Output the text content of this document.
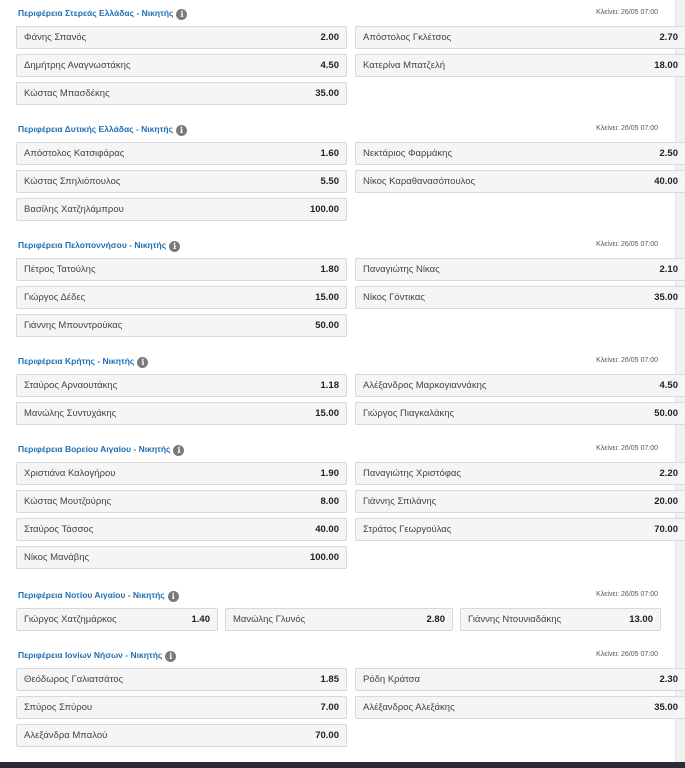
Περιφέρεια Στερεάς Ελλάδας - Νικητής i	Κλείνει: 26/05 07:00
Φάνης Σπανός	2.00	Απόστολος Γκλέτσος	2.70
Δημήτρης Αναγνωστάκης	4.50	Κατερίνα Μπατζελή	18.00
Κώστας Μπασδέκης	35.00
Περιφέρεια Δυτικής Ελλάδας - Νικητής i	Κλείνει: 26/05 07:00
Απόστολος Κατσιφάρας	1.60	Νεκτάριος Φαρμάκης	2.50
Κώστας Σπηλιόπουλος	5.50	Νίκος Καραθανασόπουλος	40.00
Βασίλης Χατζηλάμπρου	100.00
Περιφέρεια Πελοποννήσου - Νικητής i	Κλείνει: 26/05 07:00
Πέτρος Τατούλης	1.80	Παναγιώτης Νίκας	2.10
Γιώργος Δέδες	15.00	Νίκος Γόντικας	35.00
Γιάννης Μπουντρούκας	50.00
Περιφέρεια Κρήτης - Νικητής i	Κλείνει: 26/05 07:00
Σταύρος Αρναουτάκης	1.18	Αλέξανδρος Μαρκογιαννάκης	4.50
Μανώλης Συντυχάκης	15.00	Γιώργος Πιαγκαλάκης	50.00
Περιφέρεια Βορείου Αιγαίου - Νικητής i	Κλείνει: 26/05 07:00
Χριστιάνα Καλογήρου	1.90	Παναγιώτης Χριστόφας	2.20
Κώστας Μουτζούρης	8.00	Γιάννης Σπιλάνης	20.00
Σταύρος Τάσσος	40.00	Στράτος Γεωργούλας	70.00
Νίκος Μανάβης	100.00
Περιφέρεια Νοτίου Αιγαίου - Νικητής i	Κλείνει: 26/05 07:00
Γιώργος Χατζημάρκος	1.40 Μανώλης Γλυνός	2.80 Γιάννης Ντουνιαδάκης	13.00
Περιφέρεια Ιονίων Νήσων - Νικητής i	Κλείνει: 26/05 07:00
Θεόδωρος Γαλιατσάτος	1.85	Ρόδη Κράτσα	2.30
Σπύρος Σπύρου	7.00	Αλέξανδρος Αλεξάκης	35.00
Αλεξάνδρα Μπαλού	70.00
